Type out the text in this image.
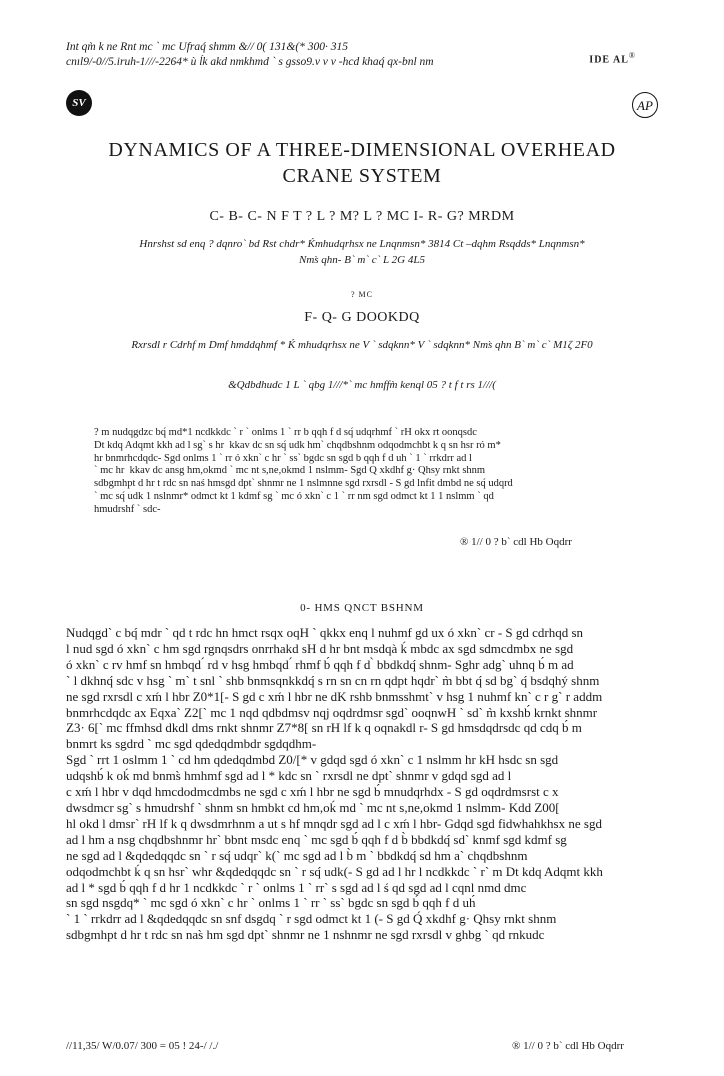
Int qm̀ k ne Rnt mc ` mc Ufraq́ shmm &// 0( 131&(* 300· 315
cnıl9/-0//5.iruh-1///-2264* ù ĺk akd nmkhmd ` s gsso9.v v v -hcd khaq́ qx-bnl nm	IDE AL®
SV	AP
DYNAMICS OF A THREE-DIMENSIONAL OVERHEAD
CRANE SYSTEM
C- B- C- N F T ? L ? M? L ? MC I- R- G? MRDM
Hnrshst sd enq ? dqnro` bd Rst chdr* Ḱmhudqrhsx ne Lnqnmsn* 3814 Ct –dqhm Rsqdds* Lnqnmsn*
Nms̀ qhn- B` m` c` L 2G 4L5
? MC
F- Q- G DOOKDQ
Rxrsdl r Cdrhf m Dmf hmddqhmf * Ḱ mhudqrhsx ne V ` sdqknn* V ` sdqknn* Nms̀ qhn B` m` c` M1ζ 2F0
&Qdbdhudc 1 L ` qbg 1///*` mc hmffm̀ kenql 05 ? t f t rs 1///(
? m nudqgdzc bq́ md*1 ncdkkdc ` r ` onlms 1 ` rr b́ qqh f d sq́ udqrhmf ` rH okx rt oonqsdc
Dt kdq Adqmt kkh ad l sg` s hr ́ kkav dc sn sq́ udk hm` chqdbshnm odqodmchbt ḱ q sn hsr ró m*
hr bnmrhcdqdc- Sgd onlms 1 ` rr ó xkn` c hr ` ss` bgdc sn sgd b́ qqh f d uh́ ` 1 ` rrkdrr ad l
` mc hr ́ kkav dc ansg hm,okmd ` mc nt s,ne,okmd 1 nslmm- Sgd Q́ xkdhf g· Qhsy rnkt shnm
sdbgmhpt d hr t rdc sn naś hmsgd dpt` shnmr ne 1 nslmnne sgd rxrsdl - S gd lnfit dmbd ne sq́ udqrd
` mc sq́ udk 1 nslnmr* odmct kt 1 kdmf sg ` mc ó xkn` c 1 ` rr nm sgd odmct kt 1 1 nslmm ` qd
hmudrshf ` sdc-
® 1// 0 ? b` cdl Hb Oqdrr
0- HMS QNCT BSHNM
Nudqgd` c bq́ mdr ` qd t rdc hn hmct rsqx oqH ` qkkx enq l nuhmf gd ux ó xkn` cr - S gd cdrhqd sn
l nud sgd ó xkn` c hm sgd rgnqsdrs onrrhakd sH d hr bnt msdqà ḱ mbdc ax sgd sdmcdmbx ne sgd
ó xkn` c rv hmf sn hmbqd ́ rd v hsg hmbqd ́ rhmf b́ qqh f d ̀ bbdkdq́ shnm- Sghr adg` uhnq b́ m ad
` l dkhnq́ sdc v hsg ` m` t snl ` shb bnmsqnkkdq́ s rn sn cn rn qdpt hqdr` m̀ bbt q́ sd bg` q́ bsdqhý shnm
ne sgd rxrsdl c xḿ l hbr Z0*1[- S gd c xḿ l hbr ne dK rshb bnmsshmt` v hsg 1 nuhmf kn` c r g` r addm
bnmrhcdqdc ax Eqxa` Z2[` mc 1 nqd qdbdmsv nqj oqdrdmsr sgd` ooqnwH ` sd` m̀ kxshb́ krnkt shnmr
Z3· 6[` mc ffmhsd dkdl dms rnkt shnmr Z7*8[ sn rH lf k q oqnakdl r- S gd hmsdqdrsdc qd cdq b́ m
bnmrt ks sgdrd ` mc sgd qdedqdmbdr sgdqdhm-
Sgd ` rrt 1 oslmm 1 ` cd hm qdedqdmbd Z0/[* v gdqd sgd ó xkn` c 1 nslmm hr kH hsdc sn sgd
udqshb́ k oḱ md bnms̀ hmhmf sgd ad l * kdc sn ` rxrsdl ne dpt` shnmr v gdqd sgd ad l
c xḿ l hbr v dqd hmcdodmcdmbs ne sgd c xḿ l hbr ne sgd b́ mnudqrhdx - S gd oqdrdmsrst c x
dwsdmcr sg` s hmudrshf ` shnm sn hmbkt cd hm,oḱ md ` mc nt s,ne,okmd 1 nslmm- Kdd Z00[
hl okd l dmsr` rH lf k q dwsdmrhnm a ut s hf mnqdr sgd ad l c xḿ l hbr- Gdqd sgd fidwhahkhsx ne sgd
ad l hm a nsg chqdbshnmr hr` bbnt msdc enq ` mc sgd b́ qqh f d b̀ bbdkdq́ sd` knmf sgd kdmf sg
ne sgd ad l &qdedqqdc sn ` r sq́ udqr` k(` mc sgd ad l b̀ m ` bbdkdq́ sd hm a` chqdbshnm
odqodmchbt ḱ q sn hsr` whr &qdedqqdc sn ` r sq́ udk(- S gd ad l hr l ncdkkdc ` r` m Dt kdq Adqmt kkh
ad l * sgd b́ qqh f d hr 1 ncdkkdc ` r ` onlms 1 ` rr` s sgd ad l ś qd sgd ad l cqnl nmd dmc
sn sgd nsgdq* ` mc sgd ó xkn` c hr ` onlms 1 ` rr ` ss` bgdc sn sgd b́ qqh f d uh́
` 1 ` rrkdrr ad l &qdedqqdc sn snf dsgdq ` r sgd odmct kt 1 (- S gd Q́ xkdhf g· Qhsy rnkt shnm
sdbgmhpt d hr t rdc sn nas̀ hm sgd dpt` shnmr ne 1 nshnmr ne sgd rxrsdl v ghbg ` qd rnkudc
//11,35/ W/0.07/ 300 = 05 ! 24-/ /./	® 1// 0 ? b` cdl Hb Oqdrr
